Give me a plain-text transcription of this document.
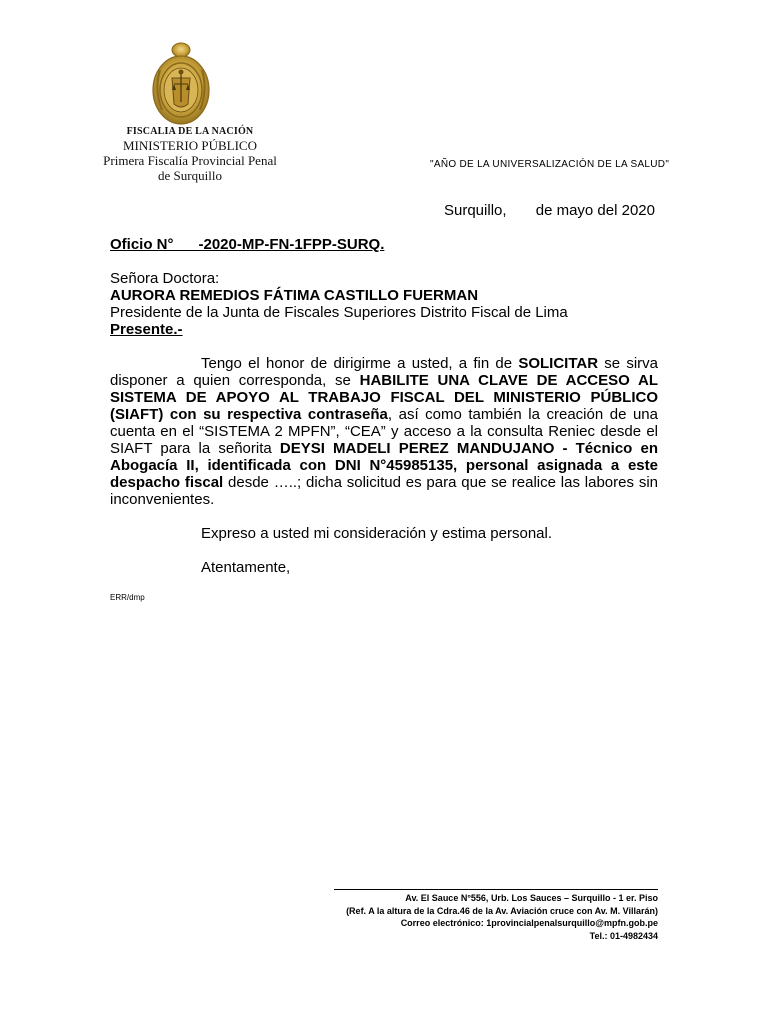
FISCALIA DE LA NACIÓN
MINISTERIO PÚBLICO
Primera Fiscalía Provincial Penal
de Surquillo
"AÑO DE LA UNIVERSALIZACIÓN DE LA SALUD"
Surquillo, de mayo del 2020
Oficio N°      -2020-MP-FN-1FPP-SURQ.
Señora Doctora:
AURORA REMEDIOS FÁTIMA CASTILLO FUERMAN
Presidente de la Junta de Fiscales Superiores Distrito Fiscal de Lima
Presente.-
Tengo el honor de dirigirme a usted, a fin de SOLICITAR se sirva disponer a quien corresponda, se HABILITE UNA CLAVE DE ACCESO AL SISTEMA DE APOYO AL TRABAJO FISCAL DEL MINISTERIO PÚBLICO (SIAFT) con su respectiva contraseña, así como también la creación de una cuenta en el “SISTEMA 2 MPFN”, “CEA” y acceso a la consulta Reniec desde el SIAFT para la señorita DEYSI MADELI PEREZ MANDUJANO - Técnico en Abogacía II, identificada con DNI N°45985135, personal asignada a este despacho fiscal desde …..; dicha solicitud es para que se realice las labores sin inconvenientes.
Expreso a usted mi consideración y estima personal.
Atentamente,
ERR/dmp
Av. El Sauce N°556, Urb. Los Sauces – Surquillo - 1 er. Piso
(Ref. A la altura de la Cdra.46 de la Av. Aviación cruce con Av. M. Villarán)
Correo electrónico: 1provincialpenalsurquillo@mpfn.gob.pe
Tel.: 01-4982434
